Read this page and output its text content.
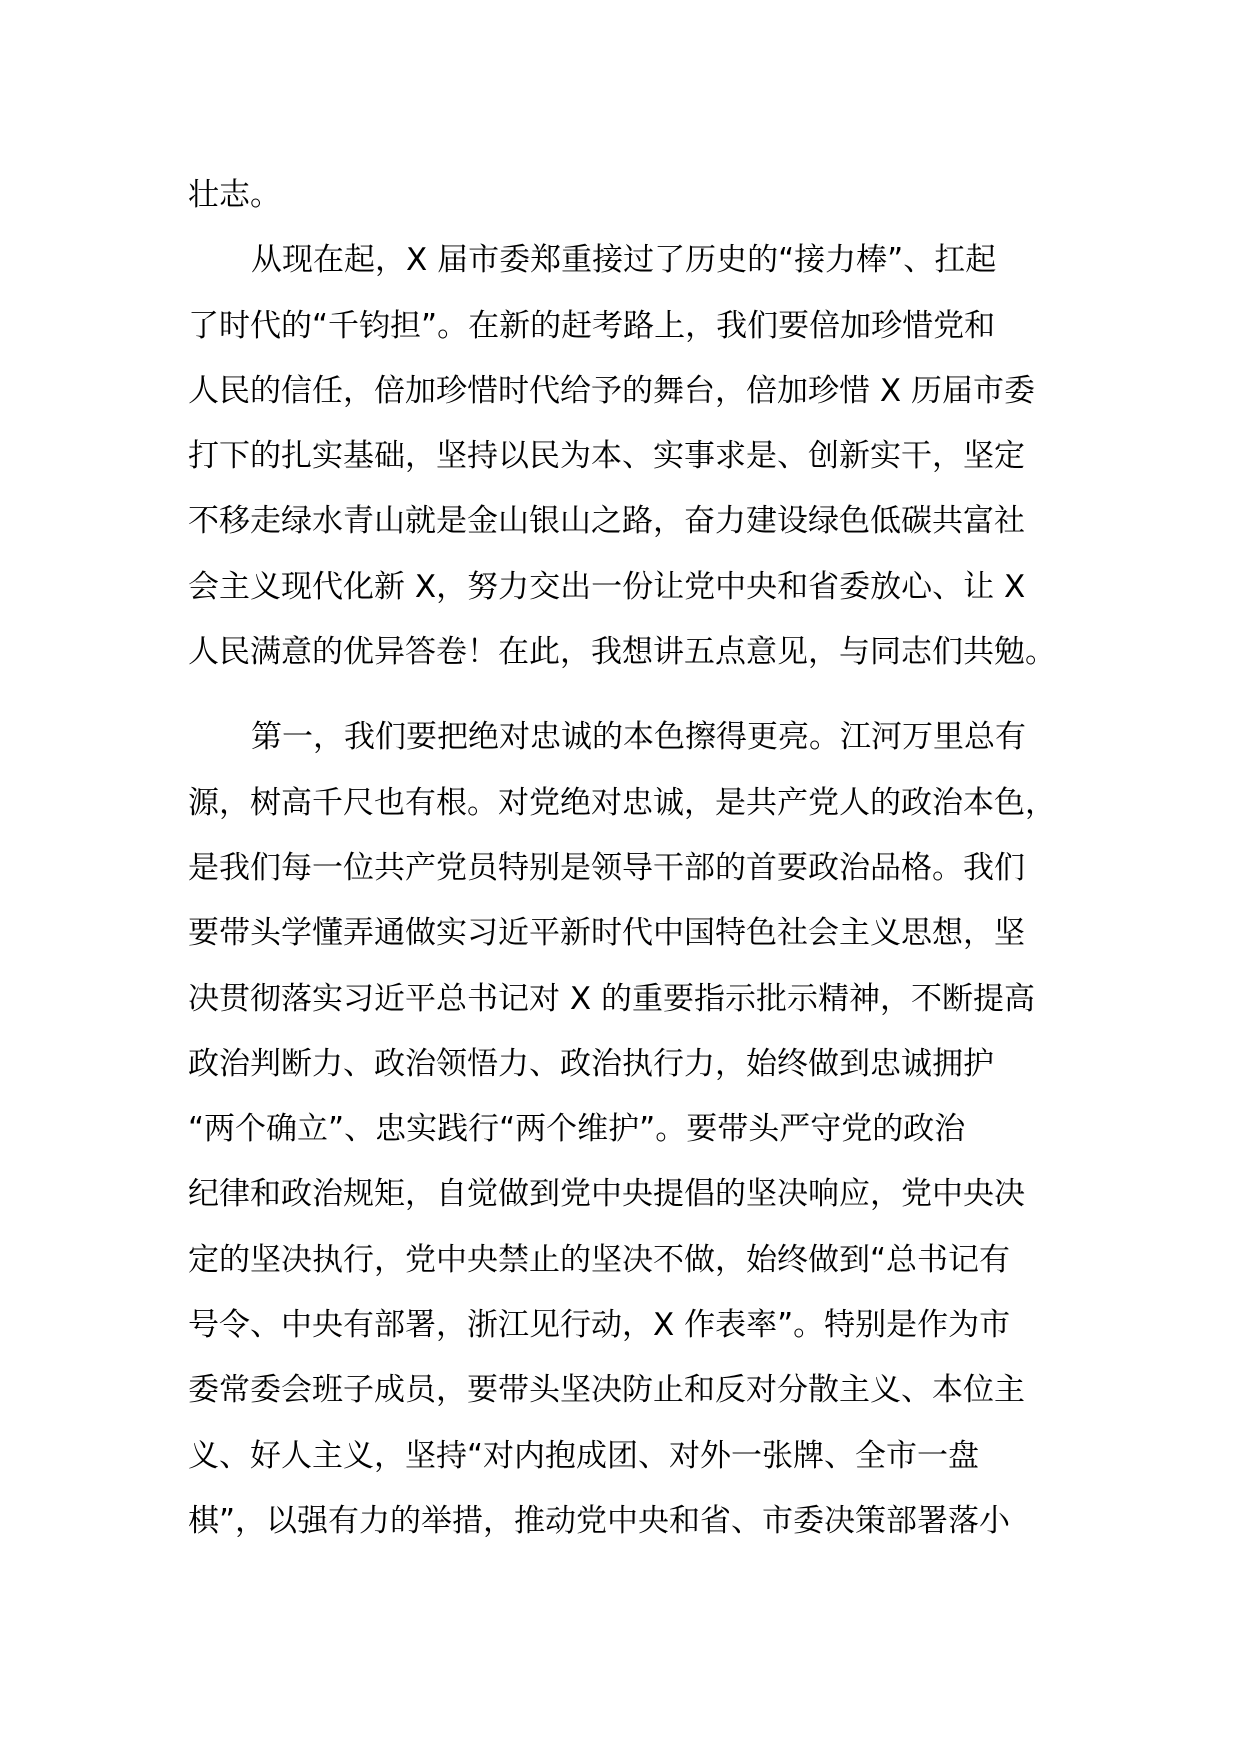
壮志。

从现在起，X 届市委郑重接过了历史的“接力棒”、扛起
了时代的“千钧担”。在新的赶考路上，我们要倍加珍惜党和
人民的信任，倍加珍惜时代给予的舞台，倍加珍惜 X 历届市委
打下的扎实基础，坚持以民为本、实事求是、创新实干，坚定
不移走绿水青山就是金山银山之路，奋力建设绿色低碳共富社
会主义现代化新 X，努力交出一份让党中央和省委放心、让 X
人民满意的优异答卷！在此，我想讲五点意见，与同志们共勉。

第一，我们要把绝对忠诚的本色擦得更亮。江河万里总有
源，树高千尺也有根。对党绝对忠诚，是共产党人的政治本色，
是我们每一位共产党员特别是领导干部的首要政治品格。我们
要带头学懂弄通做实习近平新时代中国特色社会主义思想，坚
决贯彻落实习近平总书记对 X 的重要指示批示精神，不断提高
政治判断力、政治领悟力、政治执行力，始终做到忠诚拥护
“两个确立”、忠实践行“两个维护”。要带头严守党的政治
纪律和政治规矩，自觉做到党中央提倡的坚决响应，党中央决
定的坚决执行，党中央禁止的坚决不做，始终做到“总书记有
号令、中央有部署，浙江见行动，X 作表率”。特别是作为市
委常委会班子成员，要带头坚决防止和反对分散主义、本位主
义、好人主义，坚持“对内抱成团、对外一张牌、全市一盘
棋”，以强有力的举措，推动党中央和省、市委决策部署落小
